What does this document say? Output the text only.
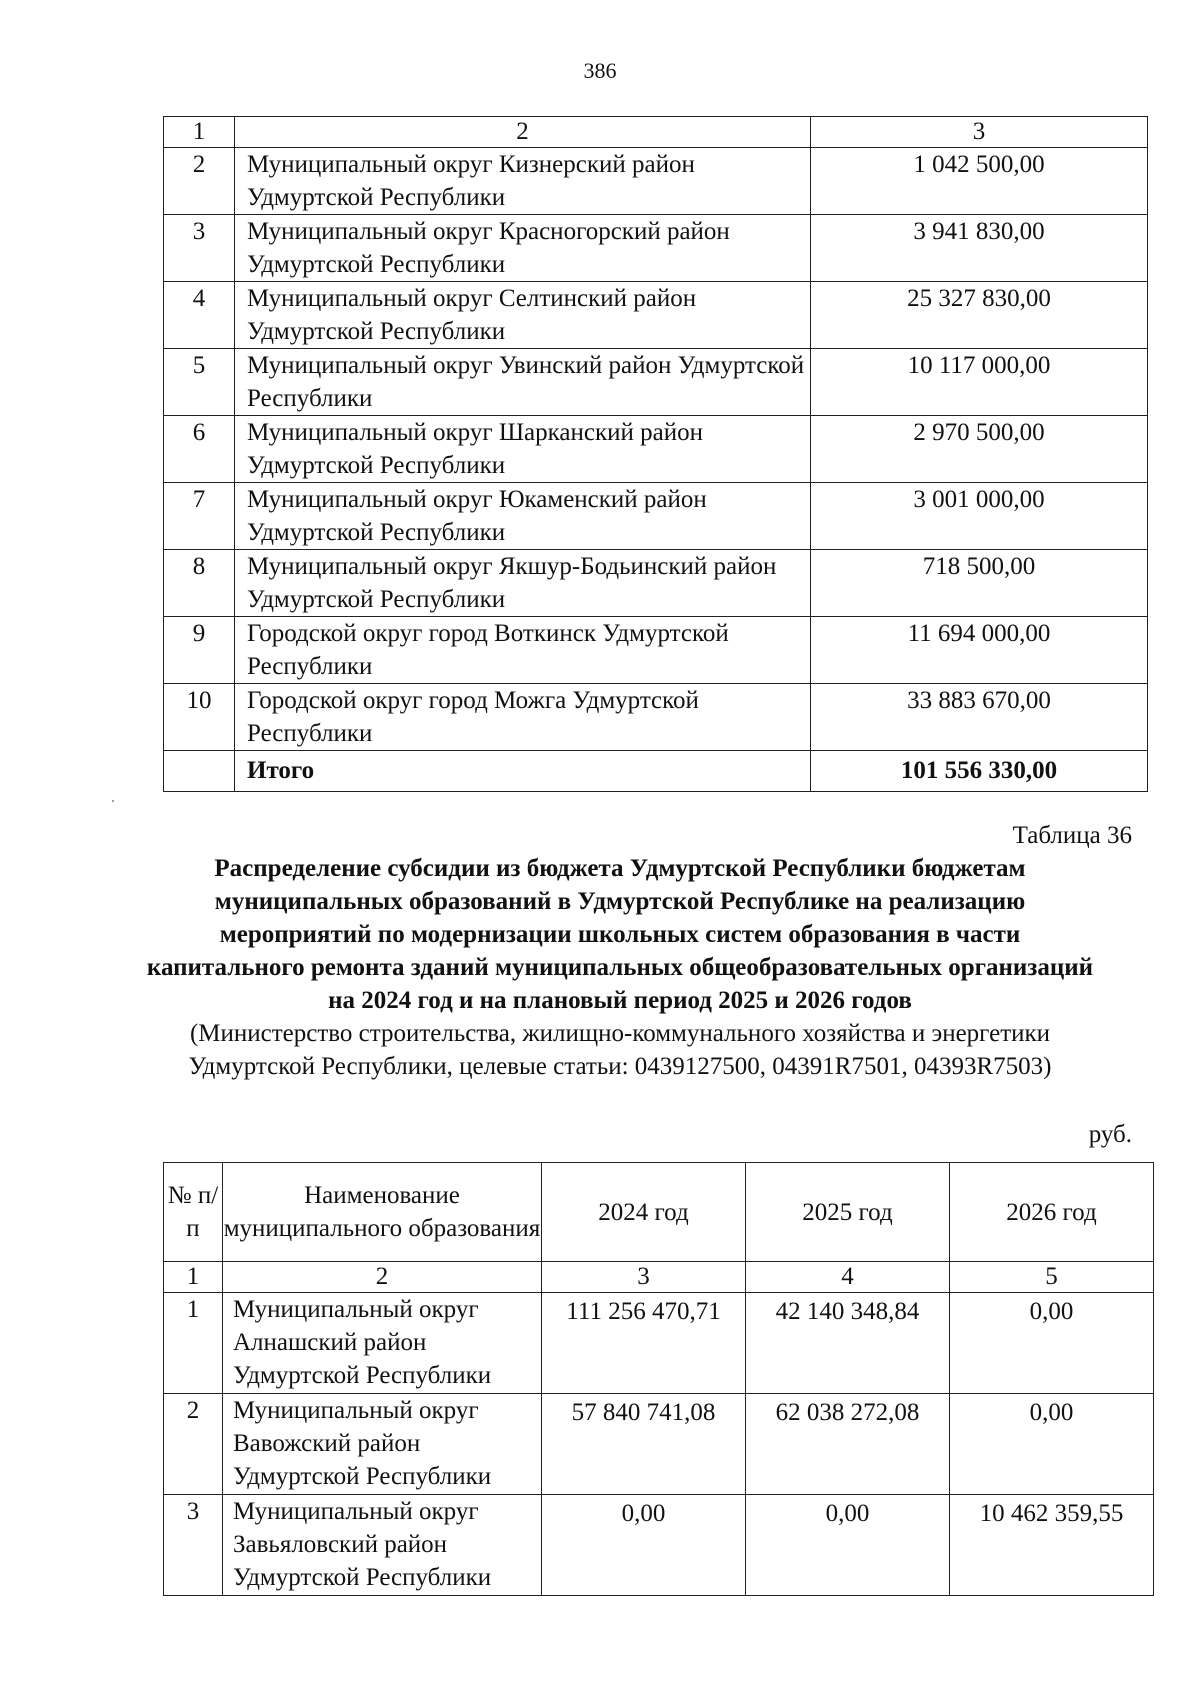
386
1	2	3
2	Муниципальный округ Кизнерский район Удмуртской Республики	1 042 500,00
3	Муниципальный округ Красногорский район Удмуртской Республики	3 941 830,00
4	Муниципальный округ Селтинский район Удмуртской Республики	25 327 830,00
5	Муниципальный округ Увинский район Удмуртской Республики	10 117 000,00
6	Муниципальный округ Шарканский район Удмуртской Республики	2 970 500,00
7	Муниципальный округ Юкаменский район Удмуртской Республики	3 001 000,00
8	Муниципальный округ Якшур-Бодьинский район Удмуртской Республики	718 500,00
9	Городской округ город Воткинск Удмуртской Республики	11 694 000,00
10	Городской округ город Можга Удмуртской Республики	33 883 670,00
	Итого	101 556 330,00
Таблица 36
Распределение субсидии из бюджета Удмуртской Республики бюджетам муниципальных образований в Удмуртской Республике на реализацию мероприятий по модернизации школьных систем образования в части капитального ремонта зданий муниципальных общеобразовательных организаций на 2024 год и на плановый период 2025 и 2026 годов
(Министерство строительства, жилищно-коммунального хозяйства и энергетики Удмуртской Республики, целевые статьи: 0439127500, 04391R7501, 04393R7503)
руб.
№ п/п	Наименование муниципального образования	2024 год	2025 год	2026 год
1	2	3	4	5
1	Муниципальный округ Алнашский район Удмуртской Республики	111 256 470,71	42 140 348,84	0,00
2	Муниципальный округ Вавожский район Удмуртской Республики	57 840 741,08	62 038 272,08	0,00
3	Муниципальный округ Завьяловский район Удмуртской Республики	0,00	0,00	10 462 359,55
